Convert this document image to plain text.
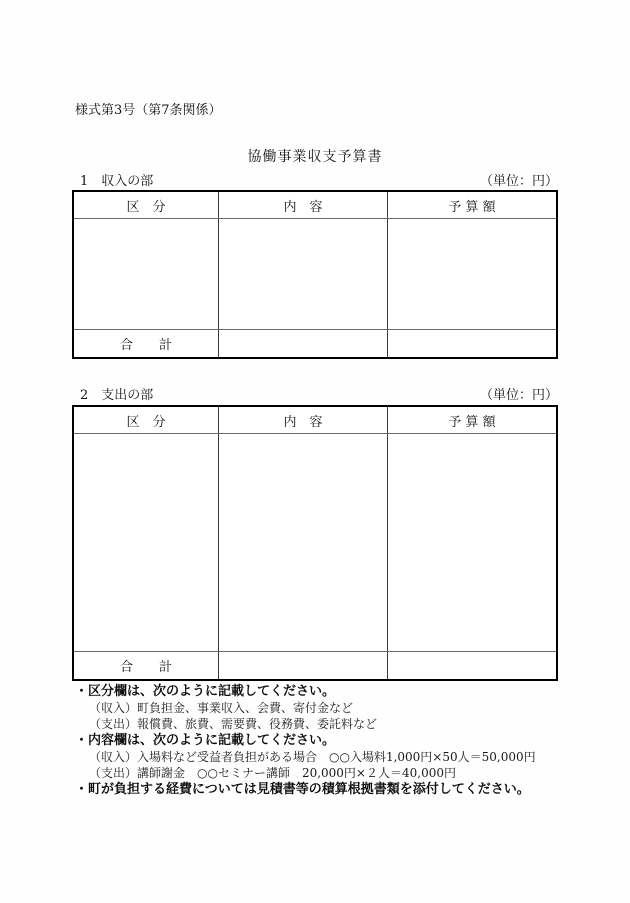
様式第3号（第7条関係）
協働事業収支予算書
1　収入の部	（単位：円）
区　分	内　容	予 算 額
合　　計
2　支出の部	（単位：円）
区　分	内　容	予 算 額
合　　計
・区分欄は、次のように記載してください。
（収入）町負担金、事業収入、会費、寄付金など
（支出）報償費、旅費、需要費、役務費、委託料など
・内容欄は、次のように記載してください。
（収入）入場料など受益者負担がある場合　○○入場料1,000円×50人＝50,000円
（支出）講師謝金　○○セミナー講師　20,000円×２人＝40,000円
・町が負担する経費については見積書等の積算根拠書類を添付してください。
